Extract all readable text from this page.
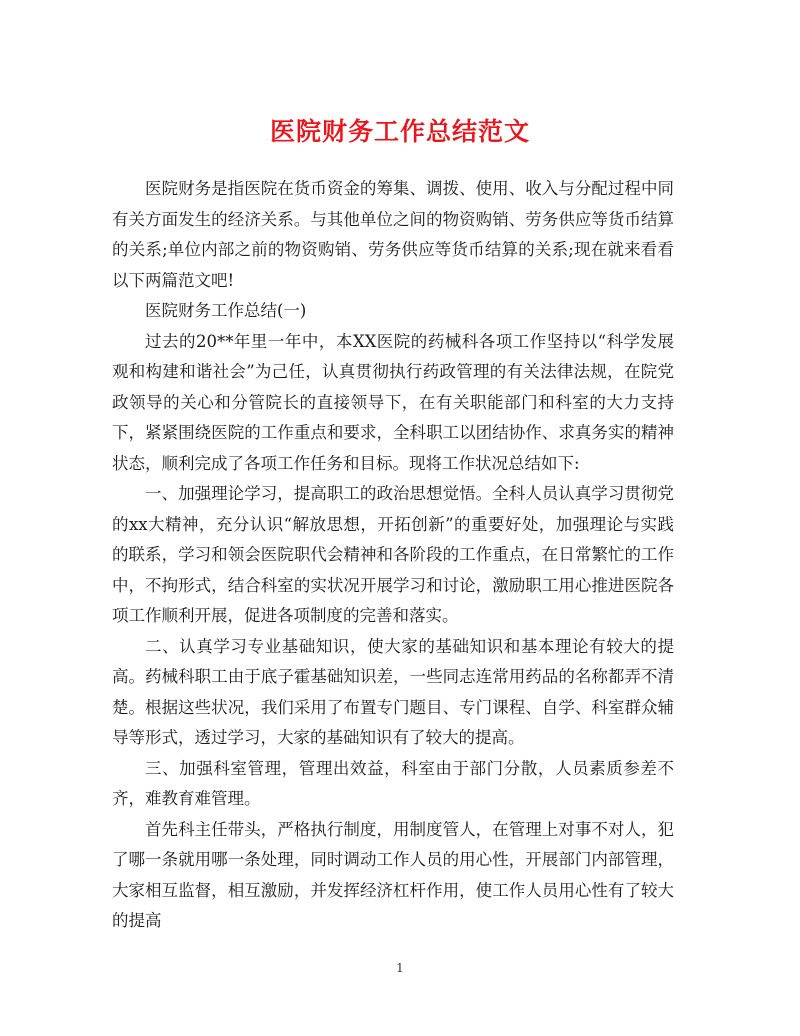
医院财务工作总结范文

医院财务是指医院在货币资金的筹集、调拨、使用、收入与分配过程中同有关方面发生的经济关系。与其他单位之间的物资购销、劳务供应等货币结算的关系;单位内部之前的物资购销、劳务供应等货币结算的关系;现在就来看看以下两篇范文吧!

医院财务工作总结(一)

过去的20**年里一年中，本XX医院的药械科各项工作坚持以“科学发展观和构建和谐社会”为己任，认真贯彻执行药政管理的有关法律法规，在院党政领导的关心和分管院长的直接领导下，在有关职能部门和科室的大力支持下，紧紧围绕医院的工作重点和要求，全科职工以团结协作、求真务实的精神状态，顺利完成了各项工作任务和目标。现将工作状况总结如下:

一、加强理论学习，提高职工的政治思想觉悟。全科人员认真学习贯彻党的xx大精神，充分认识“解放思想，开拓创新”的重要好处，加强理论与实践的联系，学习和领会医院职代会精神和各阶段的工作重点，在日常繁忙的工作中，不拘形式，结合科室的实状况开展学习和讨论，激励职工用心推进医院各项工作顺利开展，促进各项制度的完善和落实。

二、认真学习专业基础知识，使大家的基础知识和基本理论有较大的提高。药械科职工由于底子霍基础知识差，一些同志连常用药品的名称都弄不清楚。根据这些状况，我们采用了布置专门题目、专门课程、自学、科室群众辅导等形式，透过学习，大家的基础知识有了较大的提高。

三、加强科室管理，管理出效益，科室由于部门分散，人员素质参差不齐，难教育难管理。

首先科主任带头，严格执行制度，用制度管人，在管理上对事不对人，犯了哪一条就用哪一条处理，同时调动工作人员的用心性，开展部门内部管理，大家相互监督，相互激励，并发挥经济杠杆作用，使工作人员用心性有了较大的提高

1
